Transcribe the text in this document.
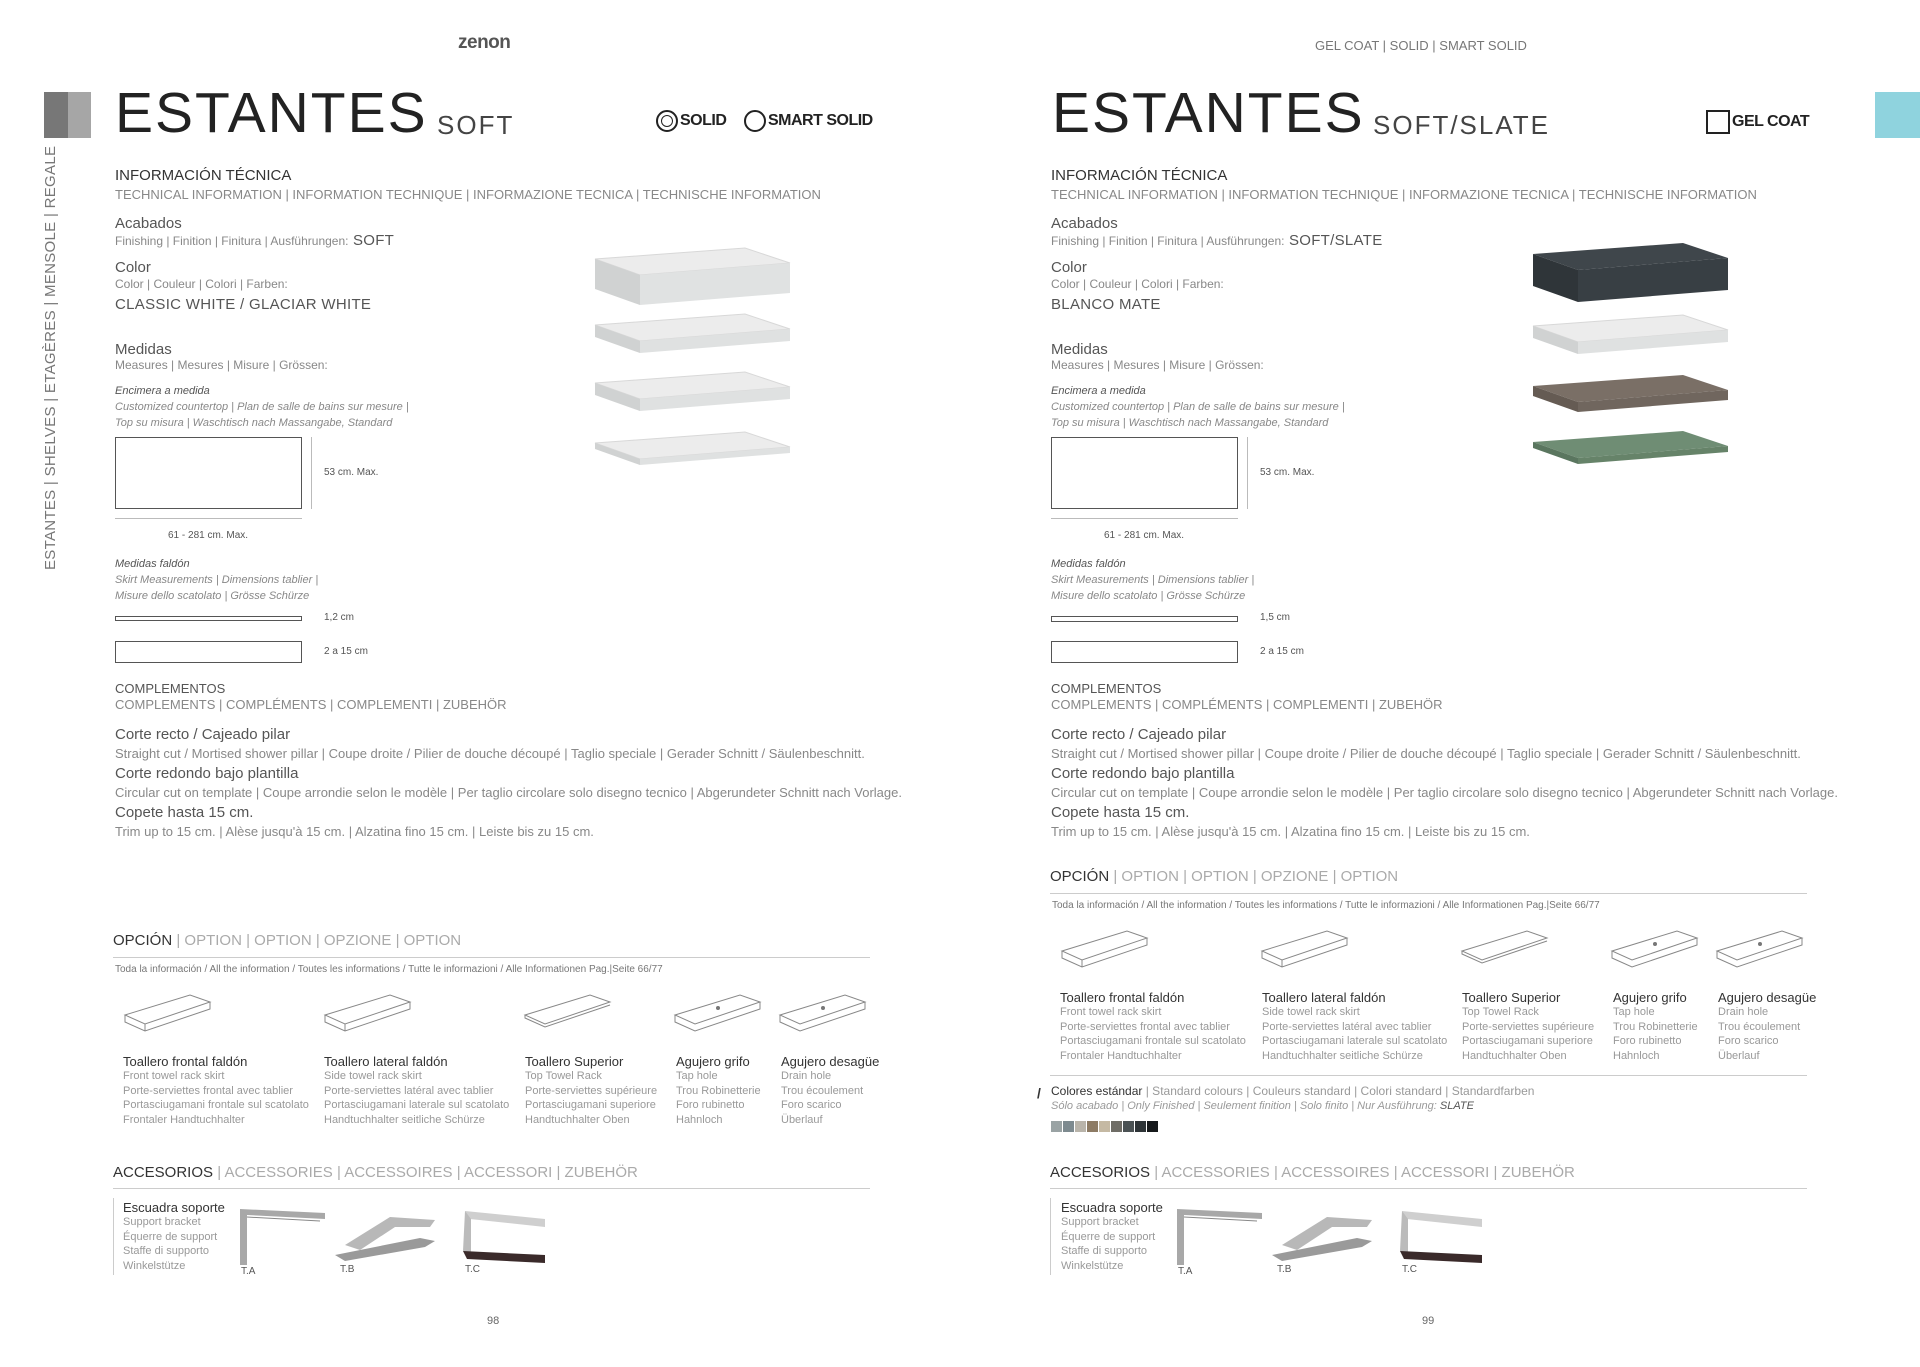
zenon
ESTANTES | SHELVES | ETAGÈRES | MENSOLE | REGALE
ESTANTES SOFT	SOLID	SMART SOLID
INFORMACIÓN TÉCNICA
TECHNICAL INFORMATION | INFORMATION TECHNIQUE | INFORMAZIONE TECNICA | TECHNISCHE INFORMATION
Acabados
Finishing | Finition | Finitura | Ausführungen: SOFT
Color
Color | Couleur | Colori | Farben:
CLASSIC WHITE / GLACIAR WHITE
Medidas
Measures | Mesures | Misure | Grössen:
Encimera a medida
Customized countertop | Plan de salle de bains sur mesure |
Top su misura | Waschtisch nach Massangabe, Standard
53 cm. Max.
61 - 281 cm. Max.
Medidas faldón
Skirt Measurements | Dimensions tablier |
Misure dello scatolato | Grösse Schürze
1,2 cm
2 a 15 cm
COMPLEMENTOS
COMPLEMENTS | COMPLÉMENTS | COMPLEMENTI | ZUBEHÖR
Corte recto / Cajeado pilar
Straight cut / Mortised shower pillar | Coupe droite / Pilier de douche découpé | Taglio speciale | Gerader Schnitt / Säulenbeschnitt.
Corte redondo bajo plantilla
Circular cut on template | Coupe arrondie selon le modèle | Per taglio circolare solo disegno tecnico | Abgerundeter Schnitt nach Vorlage.
Copete hasta 15 cm.
Trim up to 15 cm. | Alèse jusqu'à 15 cm. | Alzatina fino 15 cm. | Leiste bis zu 15 cm.
OPCIÓN | OPTION | OPTION | OPZIONE | OPTION
Toda la información / All the information / Toutes les informations / Tutte le informazioni / Alle Informationen Pag.|Seite 66/77
Toallero frontal faldón
Front towel rack skirt
Porte-serviettes frontal avec tablier
Portasciugamani frontale sul scatolato
Frontaler Handtuchhalter
Toallero lateral faldón
Side towel rack skirt
Porte-serviettes latéral avec tablier
Portasciugamani laterale sul scatolato
Handtuchhalter seitliche Schürze
Toallero Superior
Top Towel Rack
Porte-serviettes supérieure
Portasciugamani superiore
Handtuchhalter Oben
Agujero grifo
Tap hole
Trou Robinetterie
Foro rubinetto
Hahnloch
Agujero desagüe
Drain hole
Trou écoulement
Foro scarico
Überlauf
ACCESORIOS | ACCESSORIES | ACCESSOIRES | ACCESSORI | ZUBEHÖR
Escuadra soporte
Support bracket
Équerre de support
Staffe di supporto
Winkelstütze	T.A	T.B	T.C
98
GEL COAT | SOLID | SMART SOLID
ESTANTES SOFT/SLATE	GEL COAT
INFORMACIÓN TÉCNICA
TECHNICAL INFORMATION | INFORMATION TECHNIQUE | INFORMAZIONE TECNICA | TECHNISCHE INFORMATION
Acabados
Finishing | Finition | Finitura | Ausführungen: SOFT/SLATE
Color
Color | Couleur | Colori | Farben:
BLANCO MATE
Medidas
Measures | Mesures | Misure | Grössen:
Encimera a medida
Customized countertop | Plan de salle de bains sur mesure |
Top su misura | Waschtisch nach Massangabe, Standard
53 cm. Max.
61 - 281 cm. Max.
Medidas faldón
Skirt Measurements | Dimensions tablier |
Misure dello scatolato | Grösse Schürze
1,5 cm
2 a 15 cm
COMPLEMENTOS
COMPLEMENTS | COMPLÉMENTS | COMPLEMENTI | ZUBEHÖR
Corte recto / Cajeado pilar
Straight cut / Mortised shower pillar | Coupe droite / Pilier de douche découpé | Taglio speciale | Gerader Schnitt / Säulenbeschnitt.
Corte redondo bajo plantilla
Circular cut on template | Coupe arrondie selon le modèle | Per taglio circolare solo disegno tecnico | Abgerundeter Schnitt nach Vorlage.
Copete hasta 15 cm.
Trim up to 15 cm. | Alèse jusqu'à 15 cm. | Alzatina fino 15 cm. | Leiste bis zu 15 cm.
OPCIÓN | OPTION | OPTION | OPZIONE | OPTION
Toda la información / All the information / Toutes les informations / Tutte le informazioni / Alle Informationen Pag.|Seite 66/77
Toallero frontal faldón
Front towel rack skirt
Porte-serviettes frontal avec tablier
Portasciugamani frontale sul scatolato
Frontaler Handtuchhalter
Toallero lateral faldón
Side towel rack skirt
Porte-serviettes latéral avec tablier
Portasciugamani laterale sul scatolato
Handtuchhalter seitliche Schürze
Toallero Superior
Top Towel Rack
Porte-serviettes supérieure
Portasciugamani superiore
Handtuchhalter Oben
Agujero grifo
Tap hole
Trou Robinetterie
Foro rubinetto
Hahnloch
Agujero desagüe
Drain hole
Trou écoulement
Foro scarico
Überlauf
/ Colores estándar | Standard colours | Couleurs standard | Colori standard | Standardfarben
Sólo acabado | Only Finished | Seulement finition | Solo finito | Nur Ausführung: SLATE
ACCESORIOS | ACCESSORIES | ACCESSOIRES | ACCESSORI | ZUBEHÖR
Escuadra soporte
Support bracket
Équerre de support
Staffe di supporto
Winkelstütze	T.A	T.B	T.C
99
